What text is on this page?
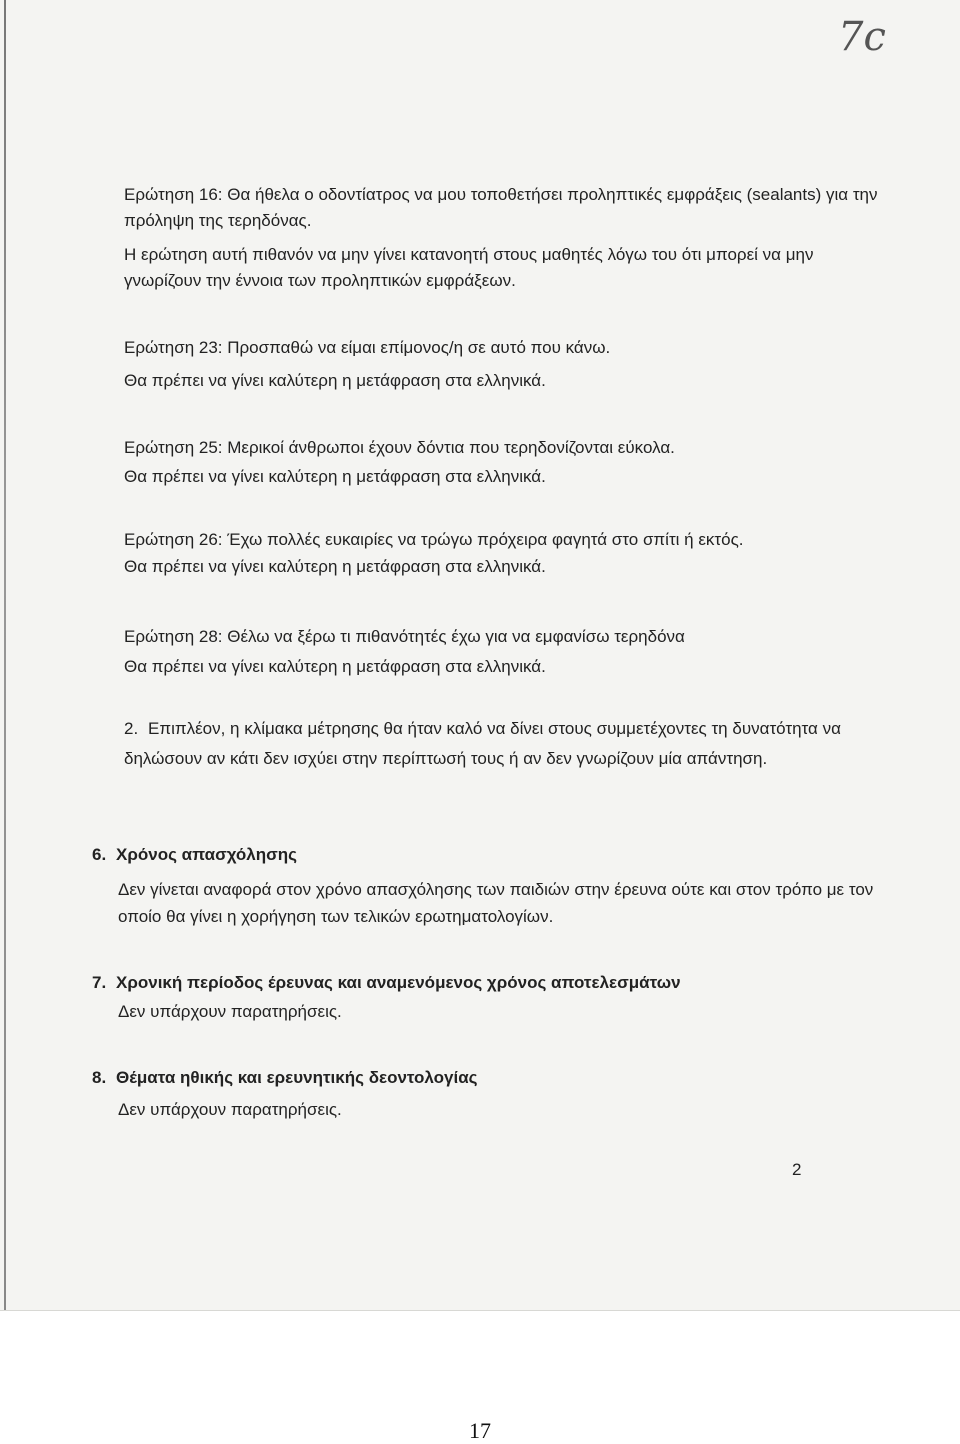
7c
Ερώτηση 16: Θα ήθελα ο οδοντίατρος να μου τοποθετήσει προληπτικές εμφράξεις (sealants) για την
πρόληψη της τερηδόνας.
Η ερώτηση αυτή πιθανόν να μην γίνει κατανοητή στους μαθητές λόγω του ότι μπορεί να μην
γνωρίζουν την έννοια των προληπτικών εμφράξεων.
Ερώτηση 23: Προσπαθώ να είμαι επίμονος/η σε αυτό που κάνω.
Θα πρέπει να γίνει καλύτερη η μετάφραση στα ελληνικά.
Ερώτηση 25: Μερικοί άνθρωποι έχουν δόντια που τερηδονίζονται εύκολα.
Θα πρέπει να γίνει καλύτερη η μετάφραση στα ελληνικά.
Ερώτηση 26: Έχω πολλές ευκαιρίες να τρώγω πρόχειρα φαγητά στο σπίτι ή εκτός.
Θα πρέπει να γίνει καλύτερη η μετάφραση στα ελληνικά.
Ερώτηση 28: Θέλω να ξέρω τι πιθανότητές έχω για να εμφανίσω τερηδόνα
Θα πρέπει να γίνει καλύτερη η μετάφραση στα ελληνικά.
2. Επιπλέον, η κλίμακα μέτρησης θα ήταν καλό να δίνει στους συμμετέχοντες τη δυνατότητα να
δηλώσουν αν κάτι δεν ισχύει στην περίπτωσή τους ή αν δεν γνωρίζουν μία απάντηση.
6. Χρόνος απασχόλησης
Δεν γίνεται αναφορά στον χρόνο απασχόλησης των παιδιών στην έρευνα ούτε και στον τρόπο με τον
οποίο θα γίνει η χορήγηση των τελικών ερωτηματολογίων.
7. Χρονική περίοδος έρευνας και αναμενόμενος χρόνος αποτελεσμάτων
Δεν υπάρχουν παρατηρήσεις.
8. Θέματα ηθικής και ερευνητικής δεοντολογίας
Δεν υπάρχουν παρατηρήσεις.
2
17
